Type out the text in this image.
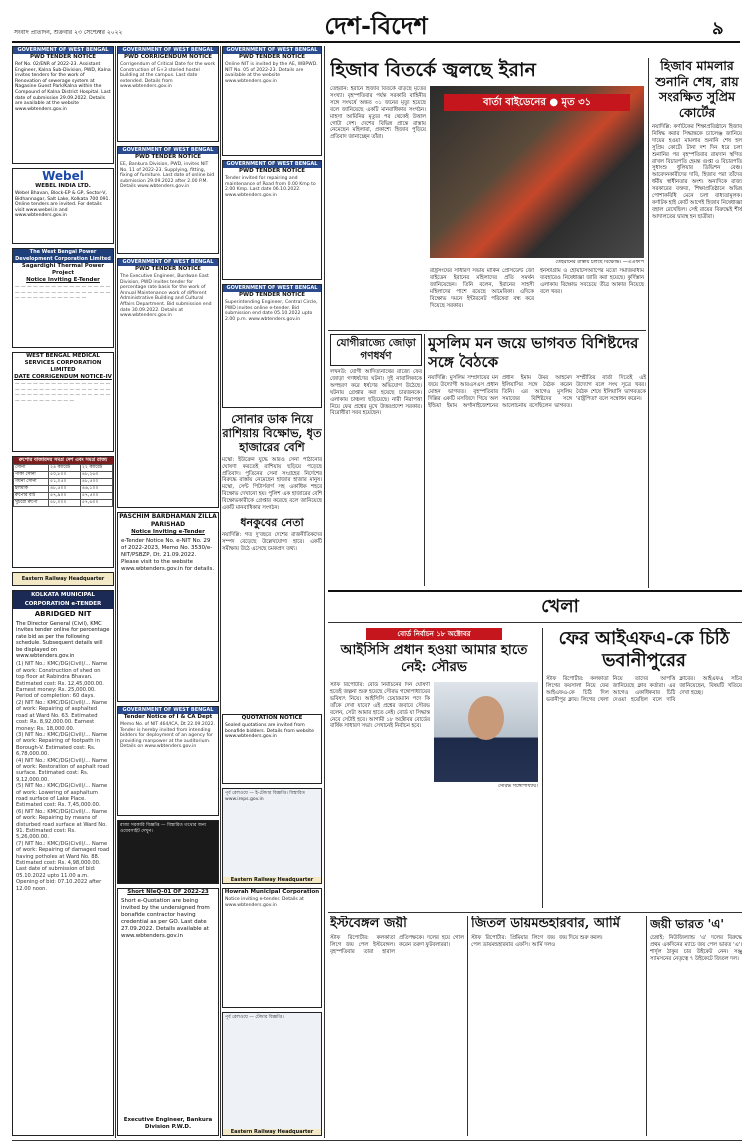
সংবাদ প্রতিদিন, শুক্রবার ২৩ সেপ্টেম্বর ২০২২	দেশ-বিদেশ	৯
GOVERNMENT OF WEST BENGAL
PWD TENDER NOTICE
Ref No. 02/ENR of 2022-23. Assistant Engineer, Kalna Sub-Division, PWD, Kalna invites tenders for the work of Renovation of sewerage system at Nagasine Guest Park/Kalna within the Compound of Kalna District Hospital. Last date of submission 29.09.2022. Details are available at the website www.wbtenders.gov.in
Webel
WEBEL INDIA LTD.
Webel Bhavan, Block-EP & GP, Sector-V, Bidhannagar, Salt Lake, Kolkata 700 091. Online tenders are invited. For details visit www.webel.in and www.wbtenders.gov.in
The West Bengal Power Development Corporation Limited
Sagardighi Thermal Power Project
Notice Inviting E-Tender
— — — — — — — — — — — — — — — — — — — — — — — — — — — — — — — — — — — — — — — — — — — —
WEST BENGAL MEDICAL SERVICES CORPORATION LIMITED
DATE CORRIGENDUM NOTICE-IV
— — — — — — — — — — — — — — — — — — — — — — — — — — — — — — — — — — — — — — — — — — — — — — — — — — — — — — — — — —
রুপোর বাজারদর সমগ্র দেশ এবং সমগ্র রাজ্য
সোনা	২৪ ক্যারেট	২২ ক্যারেট
পাকা সোনা	৫০,৮০০	৪৮,২৬০
গয়না সোনা	৫১,০৫০	৪৮,৫০০
হলমার্ক	৪৮,৫০০	৪৬,১০০
রুপোর বাট	৫৭,৯০০	৫৭,৫০০
খুচরো রুপো	৫৮,০০০	৫৭,৬০০
Eastern Railway Headquarter
KOLKATA MUNICIPAL CORPORATION e-TENDER
ABRIDGED NIT
The Director General (Civil), KMC invites tender online for percentage rate bid as per the following schedule. Subsequent details will be displayed on www.wbtenders.gov.in
(1) NIT No.: KMC/DG(Civil)/... Name of work: Construction of shed on top floor at Rabindra Bhavan. Estimated cost: Rs. 12,45,000.00. Earnest money: Rs. 25,000.00. Period of completion: 60 days.
(2) NIT No.: KMC/DG(Civil)/... Name of work: Repairing of asphalted road at Ward No. 63. Estimated cost: Rs. 8,92,000.00. Earnest money: Rs. 18,000.00.
(3) NIT No.: KMC/DG(Civil)/... Name of work: Repairing of footpath in Borough-V. Estimated cost: Rs. 6,78,000.00.
(4) NIT No.: KMC/DG(Civil)/... Name of work: Restoration of asphalt road surface. Estimated cost: Rs. 9,12,000.00.
(5) NIT No.: KMC/DG(Civil)/... Name of work: Lowering of asphaltum road surface of Lake Place. Estimated cost: Rs. 7,45,000.00.
(6) NIT No.: KMC/DG(Civil)/... Name of work: Repairing by means of disturbed road surface at Ward No. 91. Estimated cost: Rs. 5,26,000.00.
(7) NIT No.: KMC/DG(Civil)/... Name of work: Repairing of damaged road having potholes at Ward No. 88. Estimated cost: Rs. 4,98,000.00.
Last date of submission of bid: 05.10.2022 upto 11.00 a.m. Opening of bid: 07.10.2022 after 12.00 noon.
GOVERNMENT OF WEST BENGAL
PWD CORRIGENDUM NOTICE
Corrigendum of Critical Date for the work Construction of G+3 storied hostel building at the campus. Last date extended. Details from www.wbtenders.gov.in
GOVERNMENT OF WEST BENGAL
PWD TENDER NOTICE
EE, Bankura Division, PWD, invites NIT No. 11 of 2022-23. Supplying, fitting, fixing of furniture. Last date of online bid submission 29.09.2022 after 2.00 P.M. Details www.wbtenders.gov.in
GOVERNMENT OF WEST BENGAL
PWD TENDER NOTICE
The Executive Engineer, Burdwan East Division, PWD invites tender for percentage rate basis for the work of Annual Maintenance work of different Administrative Building and Cultural Affairs Department. Bid submission end date 30.09.2022. Details at www.wbtenders.gov.in
PASCHIM BARDHAMAN ZILLA PARISHAD
Notice Inviting e-Tender
e-Tender Notice No. e-NIT No. 29 of 2022-2023, Memo No. 3530/e-NIT/PSBZP, Dt. 21.09.2022. Please visit to the website www.wbtenders.gov.in for details.
GOVERNMENT OF WEST BENGAL
Tender Notice of I & CA Dept
Memo No. of NIT 464/ICA, Dt 22.09.2022. Tender is hereby invited from intending bidders for deployment of an agency for providing manpower at the auditorium. Details on www.wbtenders.gov.in
রাজ্য সরকারি বিজ্ঞপ্তি — বিস্তারিত তথ্যের জন্য ওয়েবসাইট দেখুন।
Short NIeQ-01 OF 2022-23
Short e-Quotation are being invited by the undersigned from bonafide contractor having credential as per GO. Last date 27.09.2022. Details available at www.wbtenders.gov.in
Executive Engineer, Bankura Division P.W.D.
GOVERNMENT OF WEST BENGAL
PWD TENDER NOTICE
Online NIT is invited by the AE, WBPWD. NIT No. 05 of 2022-23. Details are available at the website www.wbtenders.gov.in
GOVERNMENT OF WEST BENGAL
PWD TENDER NOTICE
Tender invited for repairing and maintenance of Road from 0.00 Kmp to 2.00 Kmp. Last date 06.10.2022. www.wbtenders.gov.in
GOVERNMENT OF WEST BENGAL
PWD TENDER NOTICE
Superintending Engineer, Central Circle, PWD invites online e-tender. Bid submission end date 05.10.2022 upto 2.00 p.m. www.wbtenders.gov.in
সোনার ডাক নিয়ে রাশিয়ায় বিক্ষোভ, ধৃত হাজারের বেশি
মস্কো: ইউক্রেন যুদ্ধে আরও সেনা পাঠানোর ঘোষণা করতেই রাশিয়ায় ছড়িয়ে পড়েছে প্রতিবাদ। পুতিনের সেনা সংগ্রহের নির্দেশের বিরুদ্ধে রাস্তায় নেমেছেন হাজার হাজার মানুষ। মস্কো, সেন্ট পিটার্সবার্গ সহ একাধিক শহরে বিক্ষোভ দেখানো হয়। পুলিশ এক হাজারের বেশি বিক্ষোভকারীকে গ্রেপ্তার করেছে বলে জানিয়েছে একটি মানবাধিকার সংগঠন।
ধনকুবের নেতা
নয়াদিল্লি: গত দু'বছরে দেশের রাজনীতিকদের সম্পদ বেড়েছে উল্লেখযোগ্য হারে। একটি সমীক্ষায় উঠে এসেছে চমকপ্রদ তথ্য।
QUOTATION NOTICE
Sealed quotations are invited from bonafide bidders. Details from website www.wbtenders.gov.in
পূর্ব রেলওয়ে — ই-টেন্ডার বিজ্ঞপ্তি। বিস্তারিত www.ireps.gov.in
Eastern Railway Headquarter
Howrah Municipal Corporation
Notice inviting e-tender. Details at www.wbtenders.gov.in
পূর্ব রেলওয়ে — টেন্ডার বিজ্ঞপ্তি।
Eastern Railway Headquarter
হিজাব বিতর্কে জ্বলছে ইরান
তেহরান: ইরানে হিজাব বিতর্কে বাড়ছে মৃতের সংখ্যা। বৃহস্পতিবার পর্যন্ত সরকারি বাহিনীর সঙ্গে সংঘর্ষে অন্তত ৩১ জনের মৃত্যু হয়েছে বলে জানিয়েছে একটি মানবাধিকার সংগঠন। মাহসা আমিনির মৃত্যুর পর থেকেই উত্তাল গোটা দেশ। দেশের বিভিন্ন প্রান্তে রাস্তায় নেমেছেন মহিলারা, প্রকাশ্যে হিজাব পুড়িয়ে প্রতিবাদ জানাচ্ছেন তাঁরা।
বার্তা বাইডেনের ● মৃত ৩১
তেহরানের রাস্তায় চলছে বিক্ষোভ। —এএফপি
রাষ্ট্রসংঘের সাধারণ সভায় মার্কিন প্রেসিডেন্ট জো বাইডেন ইরানের মহিলাদের প্রতি সমর্থন জানিয়েছেন। তিনি বলেন, ইরানের সাহসী মহিলাদের পাশে রয়েছে আমেরিকা। এদিকে বিক্ষোভ দমনে ইন্টারনেট পরিষেবা বন্ধ করে দিয়েছে সরকার।
ইনস্টাগ্রাম ও হোয়াটসঅ্যাপের মতো সমাজমাধ্যম ব্যবহারেও নিষেধাজ্ঞা জারি করা হয়েছে। কুর্দিস্তান এলাকায় বিক্ষোভ সবচেয়ে তীব্র আকার নিয়েছে বলে খবর।
হিজাব মামলার শুনানি শেষ, রায় সংরক্ষিত সুপ্রিম কোর্টের
নয়াদিল্লি: কর্ণাটকের শিক্ষাপ্রতিষ্ঠানে হিজাব নিষিদ্ধ করার সিদ্ধান্তকে চ্যালেঞ্জ জানিয়ে দায়ের হওয়া মামলার শুনানি শেষ হল সুপ্রিম কোর্টে। টানা দশ দিন ধরে চলা শুনানির পর বৃহস্পতিবার রায়দান স্থগিত রাখল বিচারপতি হেমন্ত গুপ্তা ও বিচারপতি সুধাংশু ধুলিয়ার ডিভিশন বেঞ্চ। আবেদনকারীদের দাবি, হিজাব পরা তাঁদের ধর্মীয় স্বাধীনতার অংশ। অন্যদিকে রাজ্য সরকারের বক্তব্য, শিক্ষাপ্রতিষ্ঠানে অভিন্ন পোশাকবিধি মেনে চলা বাধ্যতামূলক। কর্ণাটক হাই কোর্ট আগেই হিজাব নিষেধাজ্ঞা বহাল রেখেছিল। সেই রায়ের বিরুদ্ধেই শীর্ষ আদালতের দ্বারস্থ হন ছাত্রীরা।
যোগীরাজ্যে জোড়া গণধর্ষণ
লখনউ: যোগী আদিত্যনাথের রাজ্যে ফের জোড়া গণধর্ষণের ঘটনা। দুই নাবালিকাকে অপহরণ করে ধর্ষণের অভিযোগ উঠেছে। ঘটনায় গ্রেপ্তার করা হয়েছে চারজনকে। এলাকায় চাঞ্চল্য ছড়িয়েছে। নারী নিরাপত্তা নিয়ে ফের প্রশ্নের মুখে উত্তরপ্রদেশ সরকার। বিরোধীরা সরব হয়েছেন।
মুসলিম মন জয়ে ভাগবত বিশিষ্টদের সঙ্গে বৈঠকে
নয়াদিল্লি: মুসলিম সম্প্রদায়ের মন জয়ে উদ্যোগী আরএসএস প্রধান মোহন ভাগবত। বৃহস্পতিবার দিল্লির একটি মসজিদে গিয়ে অল ইন্ডিয়া ইমাম অর্গানাইজেশনের প্রধান ইমাম উমর আহমেদ ইলিয়াসির সঙ্গে বৈঠক করেন তিনি। এর আগেও মুসলিম সমাজের বিশিষ্টদের সঙ্গে আলোচনায় বসেছিলেন ভাগবত। সম্প্রীতির বার্তা দিতেই এই উদ্যোগ বলে সংঘ সূত্রে খবর। বৈঠক শেষে ইলিয়াসি ভাগবতকে 'রাষ্ট্রপিতা' বলে সম্বোধন করেন।
খেলা
বোর্ড নির্বাচন ১৮ অক্টোবর
আইসিসি প্রধান হওয়া আমার হাতে নেই: সৌরভ
স্টাফ রিপোর্টার: বোর্ড নির্বাচনের দিন ঘোষণা হতেই জল্পনা শুরু হয়েছে সৌরভ গঙ্গোপাধ্যায়ের ভবিষ্যৎ নিয়ে। আইসিসি চেয়ারম্যান পদে কি তাঁকে দেখা যাবে? এই প্রশ্নের জবাবে সৌরভ বলেন, সেটা আমার হাতে নেই। বোর্ড যা সিদ্ধান্ত নেবে সেটাই হবে। আগামী ১৮ অক্টোবর বোর্ডের বার্ষিক সাধারণ সভা। সেখানেই নির্বাচন হবে।
সৌরভ গঙ্গোপাধ্যায়।
ফের আইএফএ-কে চিঠি ভবানীপুরের
স্টাফ রিপোর্টার: কলকাতা লিগের ফয়সালা নিয়ে ফের আইএফএ-কে চিঠি দিল ভবানীপুর ক্লাব। লিগের খেলা নিয়ে তাদের আপত্তি জানিয়েছে ক্লাব কর্তারা। এর আগেও একাধিকবার চিঠি দেওয়া হয়েছিল বলে দাবি ক্লাবের। আইএফএ সচিব জানিয়েছেন, বিষয়টি খতিয়ে দেখা হচ্ছে।
ইস্টবেঙ্গল জয়ী
স্টাফ রিপোর্টার: কলকাতা লিগে জয় পেল ইস্টবেঙ্গল। বৃহস্পতিবার তারা হারাল প্রতিপক্ষকে। দলের হয়ে গোল করেন তরুণ ফুটবলাররা।
জিতল ডায়মন্ডহারবার, আর্মি
স্টাফ রিপোর্টার: প্রিমিয়ার লিগে জয় পেল ডায়মন্ডহারবার এফসি। আর্মি দলও জয় দিয়ে শুরু করল।
জয়ী ভারত 'এ'
চেন্নাই: নিউজিল্যান্ড 'এ' দলের বিরুদ্ধে প্রথম একদিনের ম্যাচে জয় পেল ভারত 'এ'। শার্দূল ঠাকুর চার উইকেট নেন। সঞ্জু স্যামসনের নেতৃত্বে ৭ উইকেটে জিতল দল।
